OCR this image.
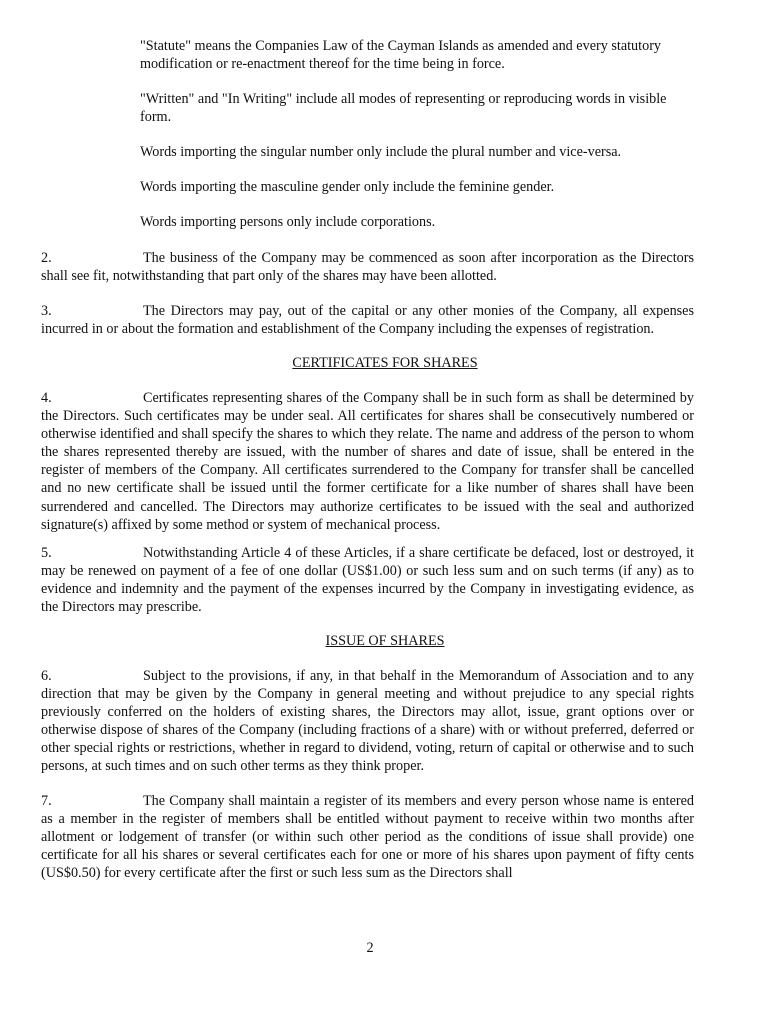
"Statute" means the Companies Law of the Cayman Islands as amended and every statutory modification or re-enactment thereof for the time being in force.

"Written" and "In Writing" include all modes of representing or reproducing words in visible form.

Words importing the singular number only include the plural number and vice-versa.

Words importing the masculine gender only include the feminine gender.

Words importing persons only include corporations.

2.	The business of the Company may be commenced as soon after incorporation as the Directors shall see fit, notwithstanding that part only of the shares may have been allotted.

3.	The Directors may pay, out of the capital or any other monies of the Company, all expenses incurred in or about the formation and establishment of the Company including the expenses of registration.

CERTIFICATES FOR SHARES

4.	Certificates representing shares of the Company shall be in such form as shall be determined by the Directors. Such certificates may be under seal. All certificates for shares shall be consecutively numbered or otherwise identified and shall specify the shares to which they relate. The name and address of the person to whom the shares represented thereby are issued, with the number of shares and date of issue, shall be entered in the register of members of the Company. All certificates surrendered to the Company for transfer shall be cancelled and no new certificate shall be issued until the former certificate for a like number of shares shall have been surrendered and cancelled. The Directors may authorize certificates to be issued with the seal and authorized signature(s) affixed by some method or system of mechanical process.

5.	Notwithstanding Article 4 of these Articles, if a share certificate be defaced, lost or destroyed, it may be renewed on payment of a fee of one dollar (US$1.00) or such less sum and on such terms (if any) as to evidence and indemnity and the payment of the expenses incurred by the Company in investigating evidence, as the Directors may prescribe.

ISSUE OF SHARES

6.	Subject to the provisions, if any, in that behalf in the Memorandum of Association and to any direction that may be given by the Company in general meeting and without prejudice to any special rights previously conferred on the holders of existing shares, the Directors may allot, issue, grant options over or otherwise dispose of shares of the Company (including fractions of a share) with or without preferred, deferred or other special rights or restrictions, whether in regard to dividend, voting, return of capital or otherwise and to such persons, at such times and on such other terms as they think proper.

7.	The Company shall maintain a register of its members and every person whose name is entered as a member in the register of members shall be entitled without payment to receive within two months after allotment or lodgement of transfer (or within such other period as the conditions of issue shall provide) one certificate for all his shares or several certificates each for one or more of his shares upon payment of fifty cents (US$0.50) for every certificate after the first or such less sum as the Directors shall

2
